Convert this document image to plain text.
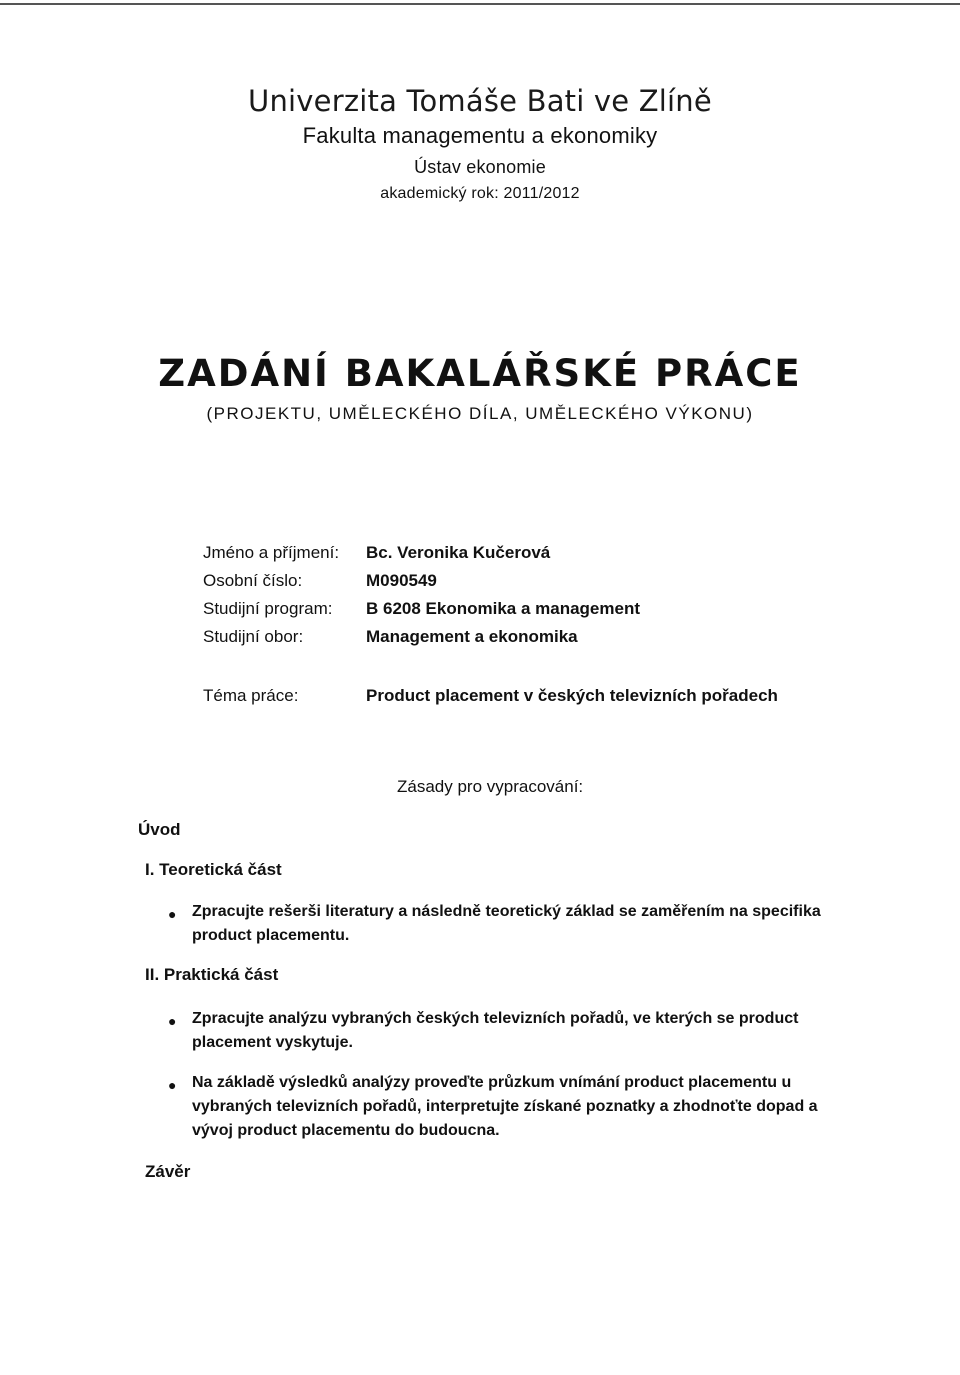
Univerzita Tomáše Bati ve Zlíně
Fakulta managementu a ekonomiky
Ústav ekonomie
akademický rok: 2011/2012
ZADÁNÍ BAKALÁŘSKÉ PRÁCE
(PROJEKTU, UMĚLECKÉHO DÍLA, UMĚLECKÉHO VÝKONU)
Jméno a příjmení: Bc. Veronika Kučerová
Osobní číslo:	M090549
Studijní program: B 6208 Ekonomika a management
Studijní obor:	Management a ekonomika
Téma práce:	Product placement v českých televizních pořadech
Zásady pro vypracování:
Úvod
I. Teoretická část
● Zpracujte rešerši literatury a následně teoretický základ se zaměřením na specifika product placementu.
II. Praktická část
● Zpracujte analýzu vybraných českých televizních pořadů, ve kterých se product placement vyskytuje.
● Na základě výsledků analýzy proveďte průzkum vnímání product placementu u vybraných televizních pořadů, interpretujte získané poznatky a zhodnoťte dopad a vývoj product placementu do budoucna.
Závěr
